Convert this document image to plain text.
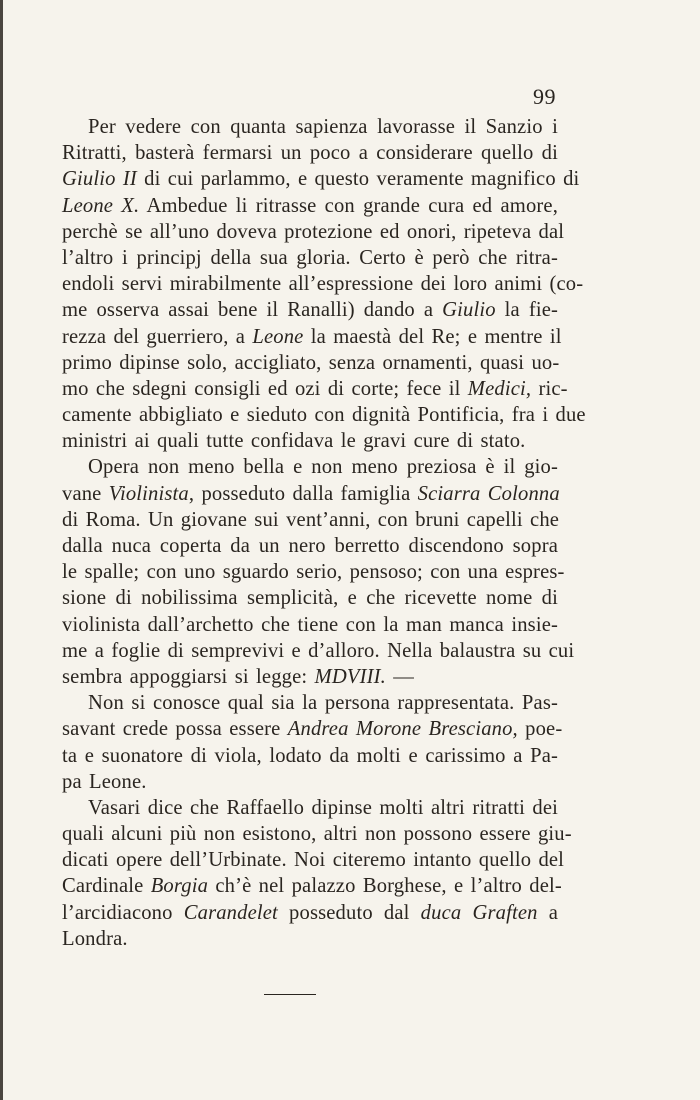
99
Per vedere con quanta sapienza lavorasse il Sanzio i
Ritratti, basterà fermarsi un poco a considerare quello di
Giulio II di cui parlammo, e questo veramente magnifico di
Leone X. Ambedue li ritrasse con grande cura ed amore,
perchè se all’uno doveva protezione ed onori, ripeteva dal
l’altro i principj della sua gloria. Certo è però che ritra-
endoli servi mirabilmente all’espressione dei loro animi (co-
me osserva assai bene il Ranalli) dando a Giulio la fie-
rezza del guerriero, a Leone la maestà del Re; e mentre il
primo dipinse solo, accigliato, senza ornamenti, quasi uo-
mo che sdegni consigli ed ozi di corte; fece il Medici, ric-
camente abbigliato e sieduto con dignità Pontificia, fra i due
ministri ai quali tutte confidava le gravi cure di stato.
Opera non meno bella e non meno preziosa è il gio-
vane Violinista, posseduto dalla famiglia Sciarra Colonna
di Roma. Un giovane sui vent’anni, con bruni capelli che
dalla nuca coperta da un nero berretto discendono sopra
le spalle; con uno sguardo serio, pensoso; con una espres-
sione di nobilissima semplicità, e che ricevette nome di
violinista dall’archetto che tiene con la man manca insie-
me a foglie di semprevivi e d’alloro. Nella balaustra su cui
sembra appoggiarsi si legge: MDVIII. —
Non si conosce qual sia la persona rappresentata. Pas-
savant crede possa essere Andrea Morone Bresciano, poe-
ta e suonatore di viola, lodato da molti e carissimo a Pa-
pa Leone.
Vasari dice che Raffaello dipinse molti altri ritratti dei
quali alcuni più non esistono, altri non possono essere giu-
dicati opere dell’Urbinate. Noi citeremo intanto quello del
Cardinale Borgia ch’è nel palazzo Borghese, e l’altro del-
l’arcidiacono Carandelet posseduto dal duca Graften a
Londra.
